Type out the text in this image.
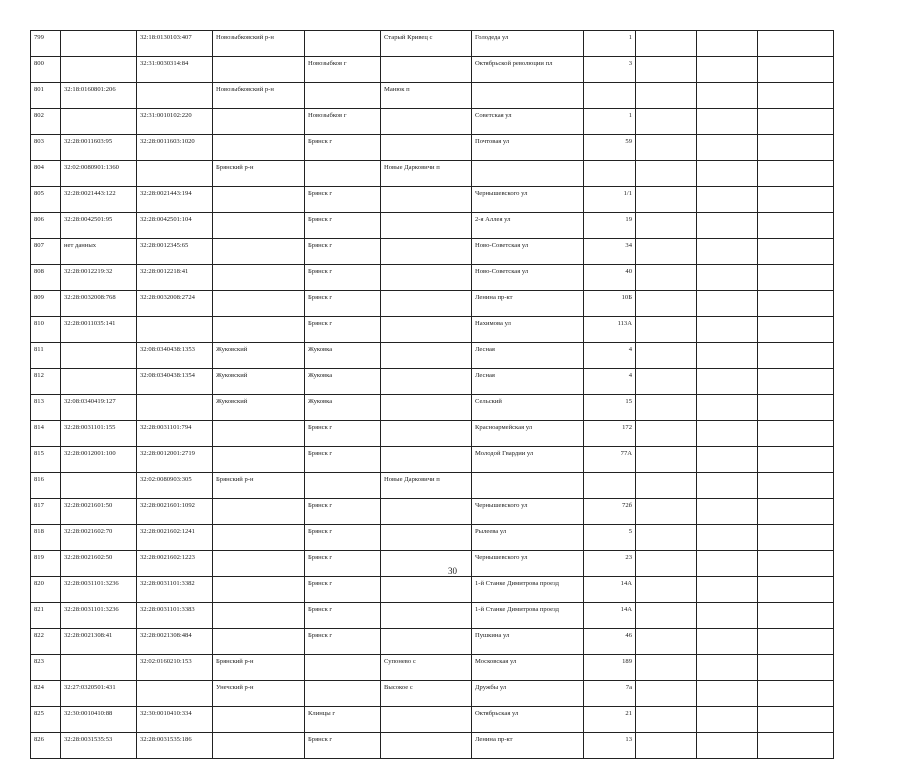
799		32:18:0130103:407	Новозыбковский р-н		Старый Кривец с	Голодеда ул	1			
800		32:31:0030314:84		Новозыбков г		Октябрьской революции пл	3			
801	32:18:0160801:206		Новозыбковский р-н		Манюк п					
802		32:31:0010102:220		Новозыбков г		Советская ул	1			
803	32:28:0011603:95	32:28:0011603:1020		Брянск г		Почтовая ул	59			
804	32:02:0080901:1360		Брянский р-н		Новые Дарковичи п					
805	32:28:0021443:122	32:28:0021443:194		Брянск г		Чернышевского ул	1/1			
806	32:28:0042501:95	32:28:0042501:104		Брянск г		2-я Аллея ул	19			
807	нет данных	32:28:0012345:65		Брянск г		Ново-Советская ул	34			
808	32:28:0012219:32	32:28:0012218:41		Брянск г		Ново-Советская ул	40			
809	32:28:0032008:768	32:28:0032008:2724		Брянск г		Ленина пр-кт	10Б			
810	32:28:0011035:141			Брянск г		Нахимова ул	113А			
811		32:08:0340438:1353	Жуковский	Жуковка		Лесная	4			
812		32:08:0340438:1354	Жуковский	Жуковка		Лесная	4			
813	32:08:0340419:127		Жуковский	Жуковка		Сельский	15			
814	32:28:0031101:155	32:28:0031101:794		Брянск г		Красноармейская ул	172			
815	32:28:0012001:100	32:28:0012001:2719		Брянск г		Молодой Гвардии ул	77А			
816		32:02:0080903:305	Брянский р-н		Новые Дарковичи п					
817	32:28:0021601:50	32:28:0021601:1092		Брянск г		Чернышевского ул	72б			
818	32:28:0021602:70	32:28:0021602:1241		Брянск г		Рылеева ул	5			
819	32:28:0021602:50	32:28:0021602:1223		Брянск г		Чернышевского ул	23			
820	32:28:0031101:3236	32:28:0031101:3382		Брянск г		1-й Станке Димитрова проезд	14А			
821	32:28:0031101:3236	32:28:0031101:3383		Брянск г		1-й Станке Димитрова проезд	14А			
822	32:28:0021308:41	32:28:0021308:484		Брянск г		Пушкина ул	46			
823		32:02:0160210:153	Брянский р-н		Супонево с	Московская ул	189			
824	32:27:0320501:431		Унечский р-н		Высокое с	Дружбы ул	7а			
825	32:30:0010410:88	32:30:0010410:334		Клинцы г		Октябрьская ул	21			
826	32:28:0031535:53	32:28:0031535:186		Брянск г		Ленина пр-кт	13			
30
